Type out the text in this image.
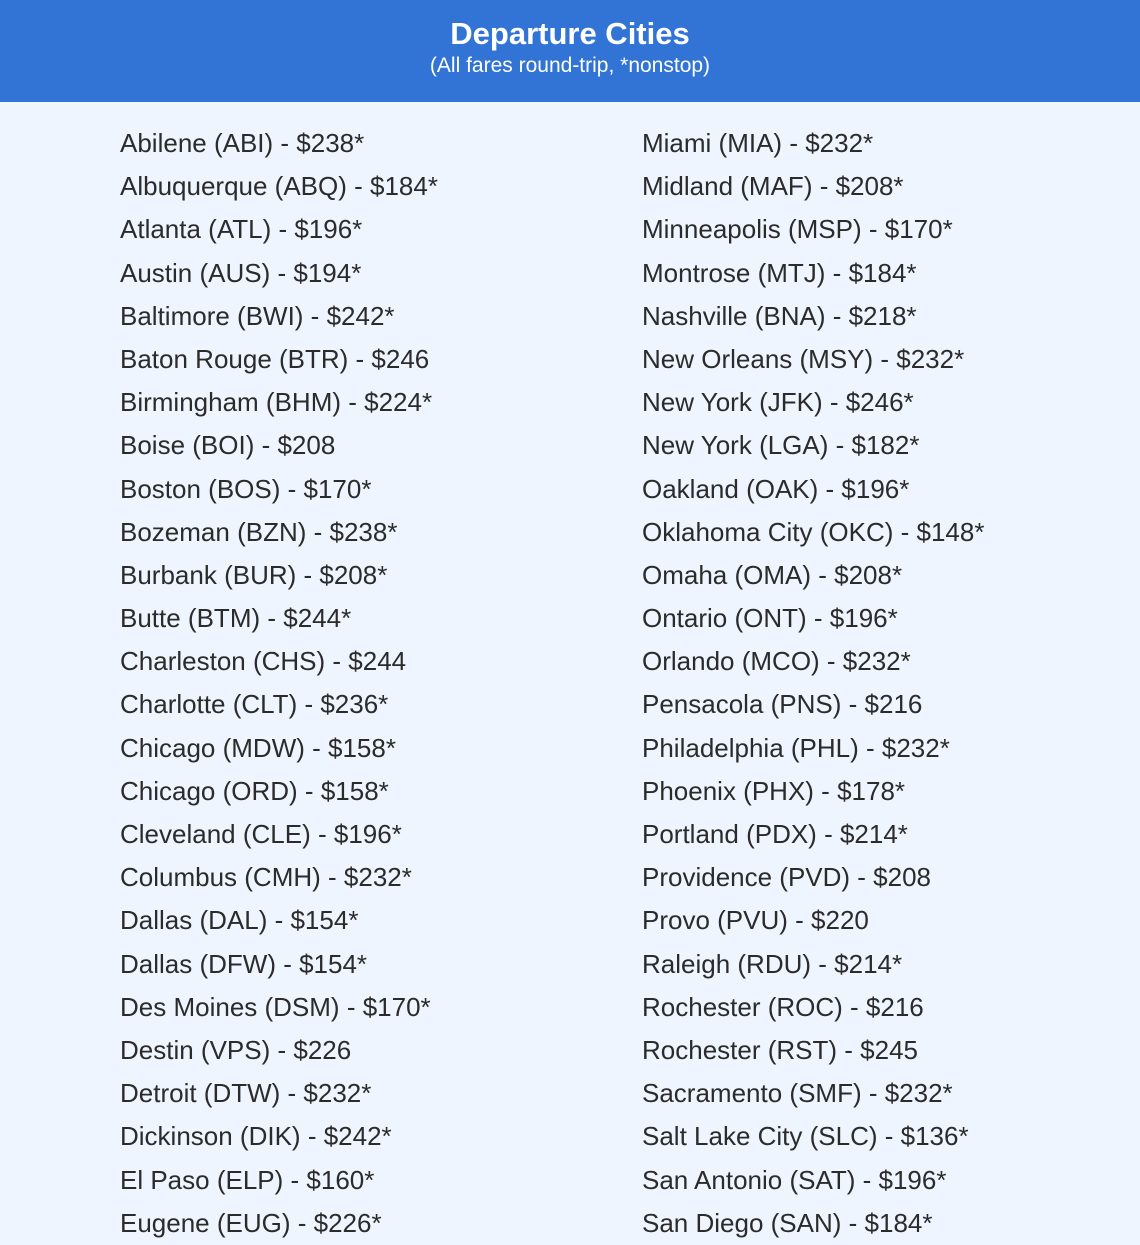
Departure Cities
(All fares round-trip, *nonstop)
Abilene (ABI) - $238*
Albuquerque (ABQ) - $184*
Atlanta (ATL) - $196*
Austin (AUS) - $194*
Baltimore (BWI) - $242*
Baton Rouge (BTR) - $246
Birmingham (BHM) - $224*
Boise (BOI) - $208
Boston (BOS) - $170*
Bozeman (BZN) - $238*
Burbank (BUR) - $208*
Butte (BTM) - $244*
Charleston (CHS) - $244
Charlotte (CLT) - $236*
Chicago (MDW) - $158*
Chicago (ORD) - $158*
Cleveland (CLE) - $196*
Columbus (CMH) - $232*
Dallas (DAL) - $154*
Dallas (DFW) - $154*
Des Moines (DSM) - $170*
Destin (VPS) - $226
Detroit (DTW) - $232*
Dickinson (DIK) - $242*
El Paso (ELP) - $160*
Eugene (EUG) - $226*
Miami (MIA) - $232*
Midland (MAF) - $208*
Minneapolis (MSP) - $170*
Montrose (MTJ) - $184*
Nashville (BNA) - $218*
New Orleans (MSY) - $232*
New York (JFK) - $246*
New York (LGA) - $182*
Oakland (OAK) - $196*
Oklahoma City (OKC) - $148*
Omaha (OMA) - $208*
Ontario (ONT) - $196*
Orlando (MCO) - $232*
Pensacola (PNS) - $216
Philadelphia (PHL) - $232*
Phoenix (PHX) - $178*
Portland (PDX) - $214*
Providence (PVD) - $208
Provo (PVU) - $220
Raleigh (RDU) - $214*
Rochester (ROC) - $216
Rochester (RST) - $245
Sacramento (SMF) - $232*
Salt Lake City (SLC) - $136*
San Antonio (SAT) - $196*
San Diego (SAN) - $184*
